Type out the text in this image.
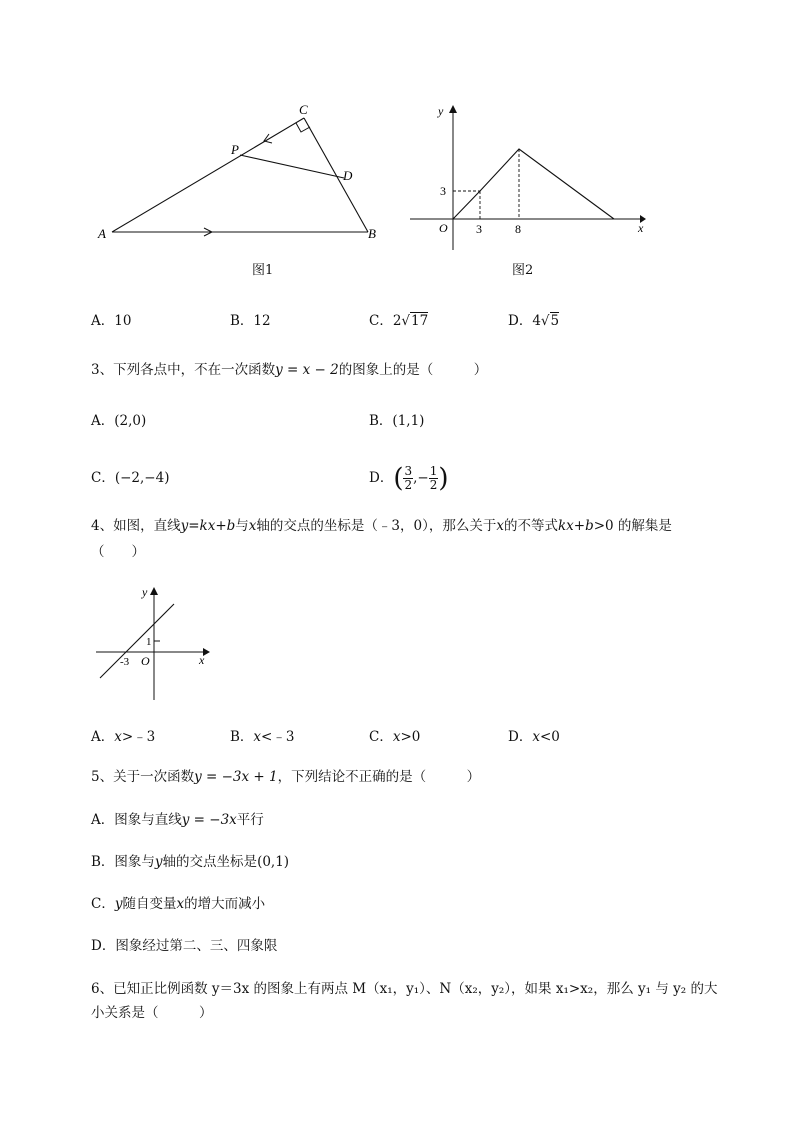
A	B
C
P
D
图1
y
x
O
3
3	8
图2
A．10	B．12	C．2√17	D．4√5
3、下列各点中，不在一次函数y = x − 2的图象上的是（　　　）
A．(2,0)	B．(1,1)
C．(−2,−4)	D．( $\frac{3}{2}$ ,− $\frac{1}{2}$ )
4、如图，直线y=kx+b与x轴的交点的坐标是（﹣3，0），那么关于x的不等式kx+b>0 的解集是
（　　）
y
x
O
1
-3
A．x>﹣3	B．x<﹣3	C．x>0	D．x<0
5、关于一次函数y = −3x + 1，下列结论不正确的是（　　　）
A．图象与直线y = −3x平行
B．图象与y轴的交点坐标是(0,1)
C．y随自变量x的增大而减小
D．图象经过第二、三、四象限
6、已知正比例函数 y＝3x 的图象上有两点 M（x₁，y₁）、N（x₂，y₂），如果 x₁>x₂，那么 y₁ 与 y₂ 的大
小关系是（　　　）
